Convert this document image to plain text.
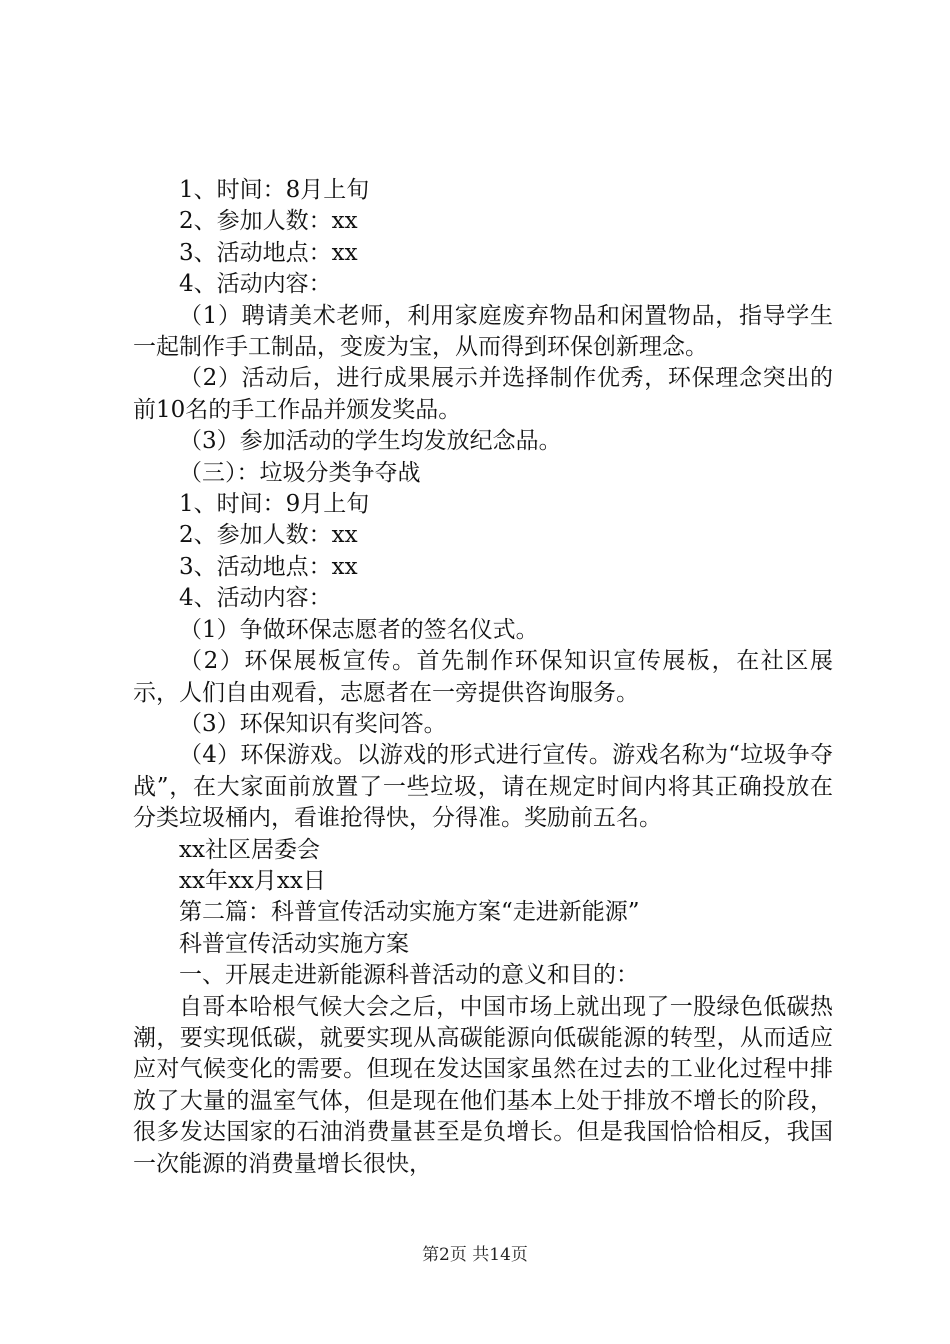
1、时间：8月上旬

2、参加人数：xx

3、活动地点：xx

4、活动内容：

（1）聘请美术老师，利用家庭废弃物品和闲置物品，指导学生一起制作手工制品，变废为宝，从而得到环保创新理念。

（2）活动后，进行成果展示并选择制作优秀，环保理念突出的前10名的手工作品并颁发奖品。

（3）参加活动的学生均发放纪念品。

（三）：垃圾分类争夺战

1、时间：9月上旬

2、参加人数：xx

3、活动地点：xx

4、活动内容：

（1）争做环保志愿者的签名仪式。

（2）环保展板宣传。首先制作环保知识宣传展板，在社区展示，人们自由观看，志愿者在一旁提供咨询服务。

（3）环保知识有奖问答。

（4）环保游戏。以游戏的形式进行宣传。游戏名称为“垃圾争夺战”，在大家面前放置了一些垃圾，请在规定时间内将其正确投放在分类垃圾桶内，看谁抢得快，分得准。奖励前五名。

xx社区居委会

xx年xx月xx日

第二篇：科普宣传活动实施方案“走进新能源”

科普宣传活动实施方案

一、开展走进新能源科普活动的意义和目的：

自哥本哈根气候大会之后，中国市场上就出现了一股绿色低碳热潮，要实现低碳，就要实现从高碳能源向低碳能源的转型，从而适应应对气候变化的需要。但现在发达国家虽然在过去的工业化过程中排放了大量的温室气体，但是现在他们基本上处于排放不增长的阶段，很多发达国家的石油消费量甚至是负增长。但是我国恰恰相反，我国一次能源的消费量增长很快，

第2页 共14页
